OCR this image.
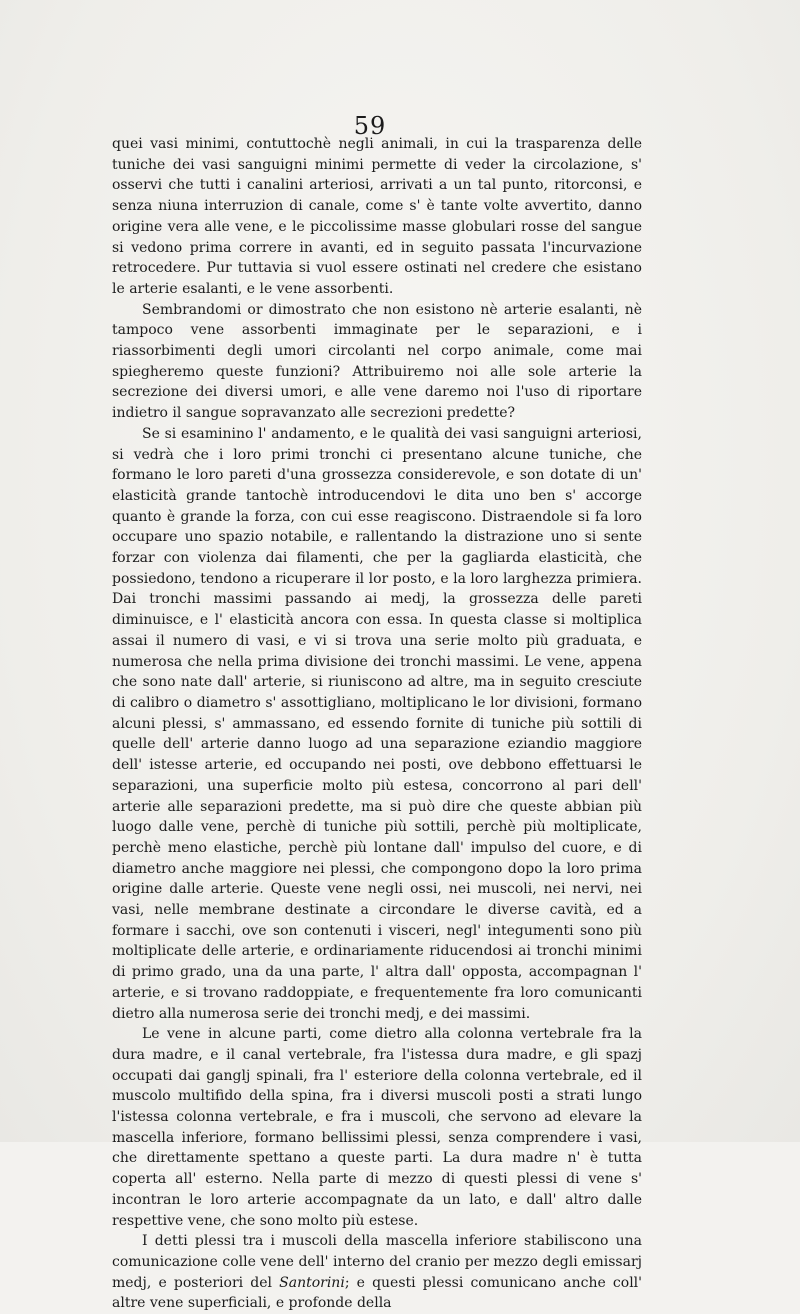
59

quei vasi minimi, contuttochè negli animali, in cui la trasparenza delle tuniche dei vasi sanguigni minimi permette di veder la circolazione, s' osservi che tutti i canalini arteriosi, arrivati a un tal punto, ritorconsi, e senza niuna interruzion di canale, come s' è tante volte avvertito, danno origine vera alle vene, e le piccolissime masse globulari rosse del sangue si vedono prima correre in avanti, ed in seguito passata l'incurvazione retrocedere. Pur tuttavia si vuol essere ostinati nel credere che esistano le arterie esalanti, e le vene assorbenti.

Sembrandomi or dimostrato che non esistono nè arterie esalanti, nè tampoco vene assorbenti immaginate per le separazioni, e i riassorbimenti degli umori circolanti nel corpo animale, come mai spiegheremo queste funzioni? Attribuiremo noi alle sole arterie la secrezione dei diversi umori, e alle vene daremo noi l'uso di riportare indietro il sangue sopravanzato alle secrezioni predette?

Se si esaminino l' andamento, e le qualità dei vasi sanguigni arteriosi, si vedrà che i loro primi tronchi ci presentano alcune tuniche, che formano le loro pareti d'una grossezza considerevole, e son dotate di un' elasticità grande tantochè introducendovi le dita uno ben s' accorge quanto è grande la forza, con cui esse reagiscono. Distraendole si fa loro occupare uno spazio notabile, e rallentando la distrazione uno si sente forzar con violenza dai filamenti, che per la gagliarda elasticità, che possiedono, tendono a ricuperare il lor posto, e la loro larghezza primiera. Dai tronchi massimi passando ai medj, la grossezza delle pareti diminuisce, e l' elasticità ancora con essa. In questa classe si moltiplica assai il numero di vasi, e vi si trova una serie molto più graduata, e numerosa che nella prima divisione dei tronchi massimi. Le vene, appena che sono nate dall' arterie, si riuniscono ad altre, ma in seguito cresciute di calibro o diametro s' assottigliano, moltiplicano le lor divisioni, formano alcuni plessi, s' ammassano, ed essendo fornite di tuniche più sottili di quelle dell' arterie danno luogo ad una separazione eziandio maggiore dell' istesse arterie, ed occupando nei posti, ove debbono effettuarsi le separazioni, una superficie molto più estesa, concorrono al pari dell' arterie alle separazioni predette, ma si può dire che queste abbian più luogo dalle vene, perchè di tuniche più sottili, perchè più moltiplicate, perchè meno elastiche, perchè più lontane dall' impulso del cuore, e di diametro anche maggiore nei plessi, che compongono dopo la loro prima origine dalle arterie. Queste vene negli ossi, nei muscoli, nei nervi, nei vasi, nelle membrane destinate a circondare le diverse cavità, ed a formare i sacchi, ove son contenuti i visceri, negl' integumenti sono più moltiplicate delle arterie, e ordinariamente riducendosi ai tronchi minimi di primo grado, una da una parte, l' altra dall' opposta, accompagnan l' arterie, e si trovano raddoppiate, e frequentemente fra loro comunicanti dietro alla numerosa serie dei tronchi medj, e dei massimi.

Le vene in alcune parti, come dietro alla colonna vertebrale fra la dura madre, e il canal vertebrale, fra l'istessa dura madre, e gli spazj occupati dai ganglj spinali, fra l' esteriore della colonna vertebrale, ed il muscolo multifido della spina, fra i diversi muscoli posti a strati lungo l'istessa colonna vertebrale, e fra i muscoli, che servono ad elevare la mascella inferiore, formano bellissimi plessi, senza comprendere i vasi, che direttamente spettano a queste parti. La dura madre n' è tutta coperta all' esterno. Nella parte di mezzo di questi plessi di vene s' incontran le loro arterie accompagnate da un lato, e dall' altro dalle respettive vene, che sono molto più estese.

I detti plessi tra i muscoli della mascella inferiore stabiliscono una comunicazione colle vene dell' interno del cranio per mezzo degli emissarj medj, e posteriori del Santorini; e questi plessi comunicano anche coll' altre vene superficiali, e profonde della
